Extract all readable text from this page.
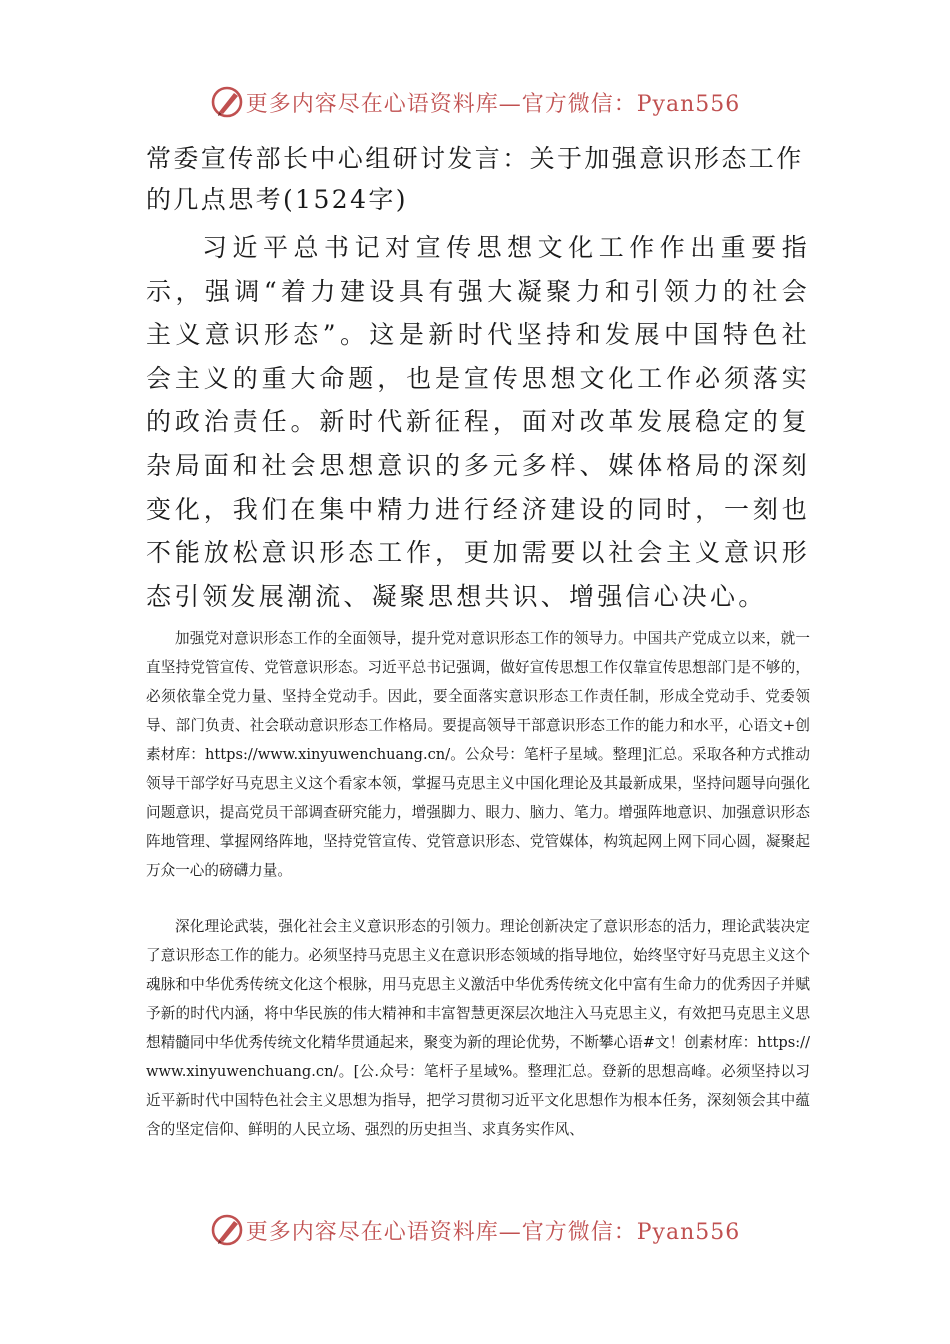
更多内容尽在心语资料库—官方微信：Pyan556
常委宣传部长中心组研讨发言：关于加强意识形态工作的几点思考(1524字)
习近平总书记对宣传思想文化工作作出重要指示，强调“着力建设具有强大凝聚力和引领力的社会主义意识形态”。这是新时代坚持和发展中国特色社会主义的重大命题，也是宣传思想文化工作必须落实的政治责任。新时代新征程，面对改革发展稳定的复杂局面和社会思想意识的多元多样、媒体格局的深刻变化，我们在集中精力进行经济建设的同时，一刻也不能放松意识形态工作，更加需要以社会主义意识形态引领发展潮流、凝聚思想共识、增强信心决心。
加强党对意识形态工作的全面领导，提升党对意识形态工作的领导力。中国共产党成立以来，就一直坚持党管宣传、党管意识形态。习近平总书记强调，做好宣传思想工作仅靠宣传思想部门是不够的，必须依靠全党力量、坚持全党动手。因此，要全面落实意识形态工作责任制，形成全党动手、党委领导、部门负责、社会联动意识形态工作格局。要提高领导干部意识形态工作的能力和水平，心语文+创素材库：https://www.xinyuwenchuang.cn/。公众号：笔杆子星域。整理]汇总。采取各种方式推动领导干部学好马克思主义这个看家本领，掌握马克思主义中国化理论及其最新成果，坚持问题导向强化问题意识，提高党员干部调查研究能力，增强脚力、眼力、脑力、笔力。增强阵地意识、加强意识形态阵地管理、掌握网络阵地，坚持党管宣传、党管意识形态、党管媒体，构筑起网上网下同心圆，凝聚起万众一心的磅礴力量。
深化理论武装，强化社会主义意识形态的引领力。理论创新决定了意识形态的活力，理论武装决定了意识形态工作的能力。必须坚持马克思主义在意识形态领域的指导地位，始终坚守好马克思主义这个魂脉和中华优秀传统文化这个根脉，用马克思主义激活中华优秀传统文化中富有生命力的优秀因子并赋予新的时代内涵，将中华民族的伟大精神和丰富智慧更深层次地注入马克思主义，有效把马克思主义思想精髓同中华优秀传统文化精华贯通起来，聚变为新的理论优势，不断攀心语#文！创素材库：https://www.xinyuwenchuang.cn/。[公.众号：笔杆子星域%。整理汇总。登新的思想高峰。必须坚持以习近平新时代中国特色社会主义思想为指导，把学习贯彻习近平文化思想作为根本任务，深刻领会其中蕴含的坚定信仰、鲜明的人民立场、强烈的历史担当、求真务实作风、
更多内容尽在心语资料库—官方微信：Pyan556
